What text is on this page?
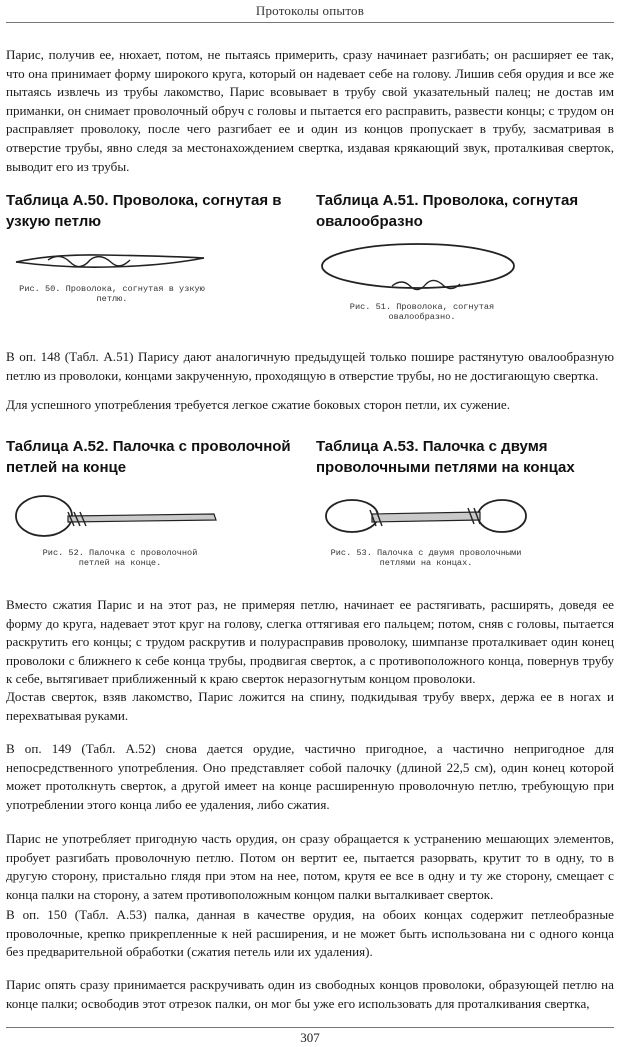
Протоколы опытов
Парис, получив ее, нюхает, потом, не пытаясь примерить, сразу начинает разгибать; он расширяет ее так, что она принимает форму широкого круга, который он надевает себе на голову. Лишив себя орудия и все же пытаясь извлечь из трубы лакомство, Парис всовывает в трубу свой указательный палец; не достав им приманки, он снимает проволочный обруч с головы и пытается его расправить, развести концы; с трудом он расправляет проволоку, после чего разгибает ее и один из концов пропускает в трубу, засматривая в отверстие трубы, явно следя за местонахождением свертка, издавая крякающий звук, проталкивая сверток, выводит его из трубы.
Таблица А.50. Проволока, согнутая в
узкую петлю
Рис. 50. Проволока, согнутая в узкую
петлю.
Таблица А.51. Проволока, согнутая
овалообразно
Рис. 51. Проволока, согнутая
овалообразно.
В оп. 148 (Табл. А.51) Парису дают аналогичную предыдущей только пошире растянутую овалообразную петлю из проволоки, концами закрученную, проходящую в отверстие трубы, но не достигающую свертка.
Для успешного употребления требуется легкое сжатие боковых сторон петли, их сужение.
Таблица А.52. Палочка с проволочной
петлей на конце
Рис. 52. Палочка с проволочной
петлей на конце.
Таблица А.53. Палочка с двумя
проволочными петлями на концах
Рис. 53. Палочка с двумя проволочными
петлями на концах.
Вместо сжатия Парис и на этот раз, не примеряя петлю, начинает ее растягивать, расширять, доведя ее форму до круга, надевает этот круг на голову, слегка оттягивая его пальцем; потом, сняв с головы, пытается раскрутить его концы; с трудом раскрутив и полурасправив проволоку, шимпанзе проталкивает один конец проволоки с ближнего к себе конца трубы, продвигая сверток, а с противоположного конца, повернув трубу к себе, вытягивает приближенный к краю сверток неразогнутым концом проволоки.
Достав сверток, взяв лакомство, Парис ложится на спину, подкидывая трубу вверх, держа ее в ногах и перехватывая руками.
В оп. 149 (Табл. А.52) снова дается орудие, частично пригодное, а частично непригодное для непосредственного употребления. Оно представляет собой палочку (длиной 22,5 см), один конец которой может протолкнуть сверток, а другой имеет на конце расширенную проволочную петлю, требующую при употреблении этого конца либо ее удаления, либо сжатия.
Парис не употребляет пригодную часть орудия, он сразу обращается к устранению мешающих элементов, пробует разгибать проволочную петлю. Потом он вертит ее, пытается разорвать, крутит то в одну, то в другую сторону, пристально глядя при этом на нее, потом, крутя ее все в одну и ту же сторону, смещает с конца палки на сторону, а затем противоположным концом палки выталкивает сверток.
В оп. 150 (Табл. А.53) палка, данная в качестве орудия, на обоих концах содержит петлеобразные проволочные, крепко прикрепленные к ней расширения, и не может быть использована ни с одного конца без предварительной обработки (сжатия петель или их удаления).
Парис опять сразу принимается раскручивать один из свободных концов проволоки, образующей петлю на конце палки; освободив этот отрезок палки, он мог бы уже его использовать для проталкивания свертка,
307
